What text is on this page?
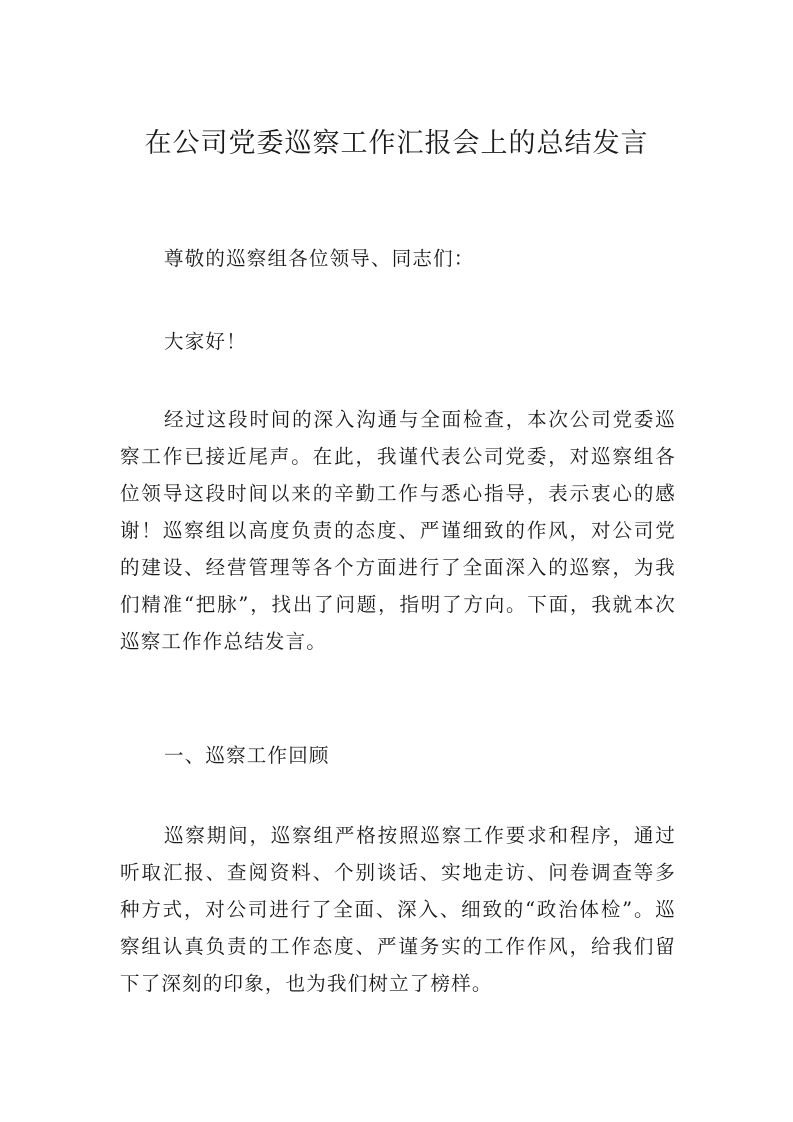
在公司党委巡察工作汇报会上的总结发言

尊敬的巡察组各位领导、同志们：

大家好！

经过这段时间的深入沟通与全面检查，本次公司党委巡察工作已接近尾声。在此，我谨代表公司党委，对巡察组各位领导这段时间以来的辛勤工作与悉心指导，表示衷心的感谢！巡察组以高度负责的态度、严谨细致的作风，对公司党的建设、经营管理等各个方面进行了全面深入的巡察，为我们精准“把脉”，找出了问题，指明了方向。下面，我就本次巡察工作作总结发言。

一、巡察工作回顾

巡察期间，巡察组严格按照巡察工作要求和程序，通过听取汇报、查阅资料、个别谈话、实地走访、问卷调查等多种方式，对公司进行了全面、深入、细致的“政治体检”。巡察组认真负责的工作态度、严谨务实的工作作风，给我们留下了深刻的印象，也为我们树立了榜样。
